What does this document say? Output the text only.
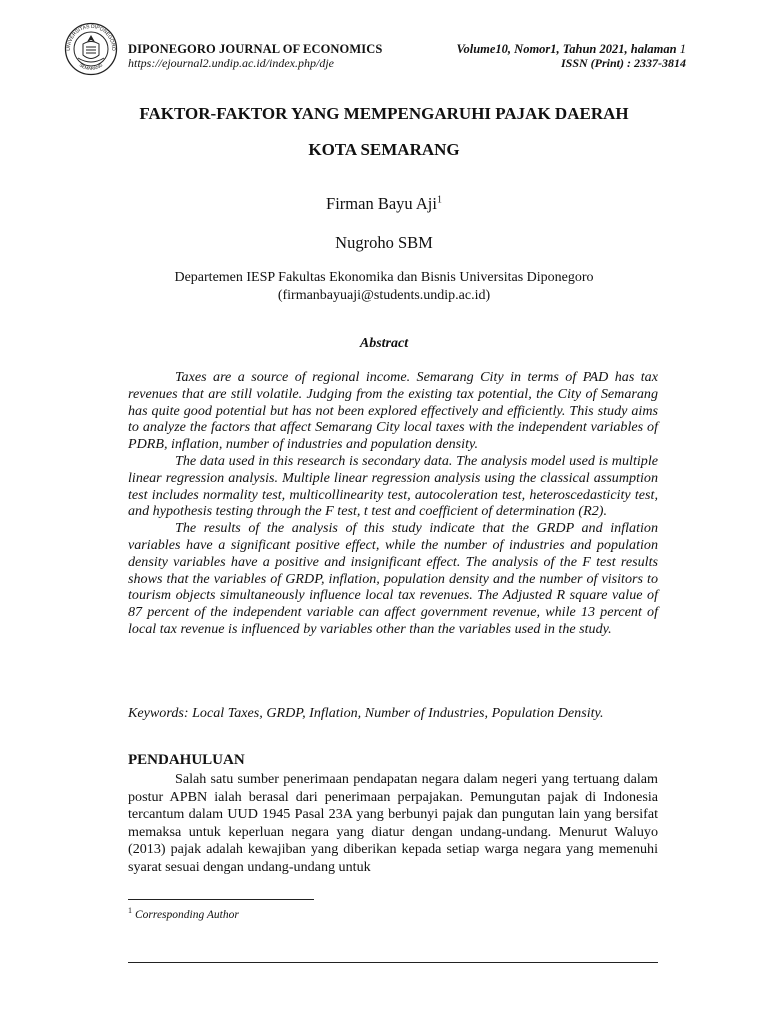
UNIVERSITAS DIPONEGORO
SEMARANG
DIPONEGORO JOURNAL OF ECONOMICS
https://ejournal2.undip.ac.id/index.php/dje
Volume10, Nomor1, Tahun 2021, halaman 1
ISSN (Print) : 2337-3814
FAKTOR-FAKTOR YANG MEMPENGARUHI PAJAK DAERAH
KOTA SEMARANG
Firman Bayu Aji$^1$
Nugroho SBM
Departemen IESP Fakultas Ekonomika dan Bisnis Universitas Diponegoro
(firmanbayuaji@students.undip.ac.id)
Abstract

Taxes are a source of regional income. Semarang City in terms of PAD has tax revenues that are still volatile. Judging from the existing tax potential, the City of Semarang has quite good potential but has not been explored effectively and efficiently. This study aims to analyze the factors that affect Semarang City local taxes with the independent variables of PDRB, inflation, number of industries and population density.

The data used in this research is secondary data. The analysis model used is multiple linear regression analysis. Multiple linear regression analysis using the classical assumption test includes normality test, multicollinearity test, autocoleration test, heteroscedasticity test, and hypothesis testing through the F test, t test and coefficient of determination (R2).

The results of the analysis of this study indicate that the GRDP and inflation variables have a significant positive effect, while the number of industries and population density variables have a positive and insignificant effect. The analysis of the F test results shows that the variables of GRDP, inflation, population density and the number of visitors to tourism objects simultaneously influence local tax revenues. The Adjusted R square value of 87 percent of the independent variable can affect government revenue, while 13 percent of local tax revenue is influenced by variables other than the variables used in the study.

Keywords: Local Taxes, GRDP, Inflation, Number of Industries, Population Density.
PENDAHULUAN

Salah satu sumber penerimaan pendapatan negara dalam negeri yang tertuang dalam postur APBN ialah berasal dari penerimaan perpajakan. Pemungutan pajak di Indonesia tercantum dalam UUD 1945 Pasal 23A yang berbunyi pajak dan pungutan lain yang bersifat memaksa untuk keperluan negara yang diatur dengan undang-undang. Menurut Waluyo (2013) pajak adalah kewajiban yang diberikan kepada setiap warga negara yang memenuhi syarat sesuai dengan undang-undang untuk

$^1$ Corresponding Author
